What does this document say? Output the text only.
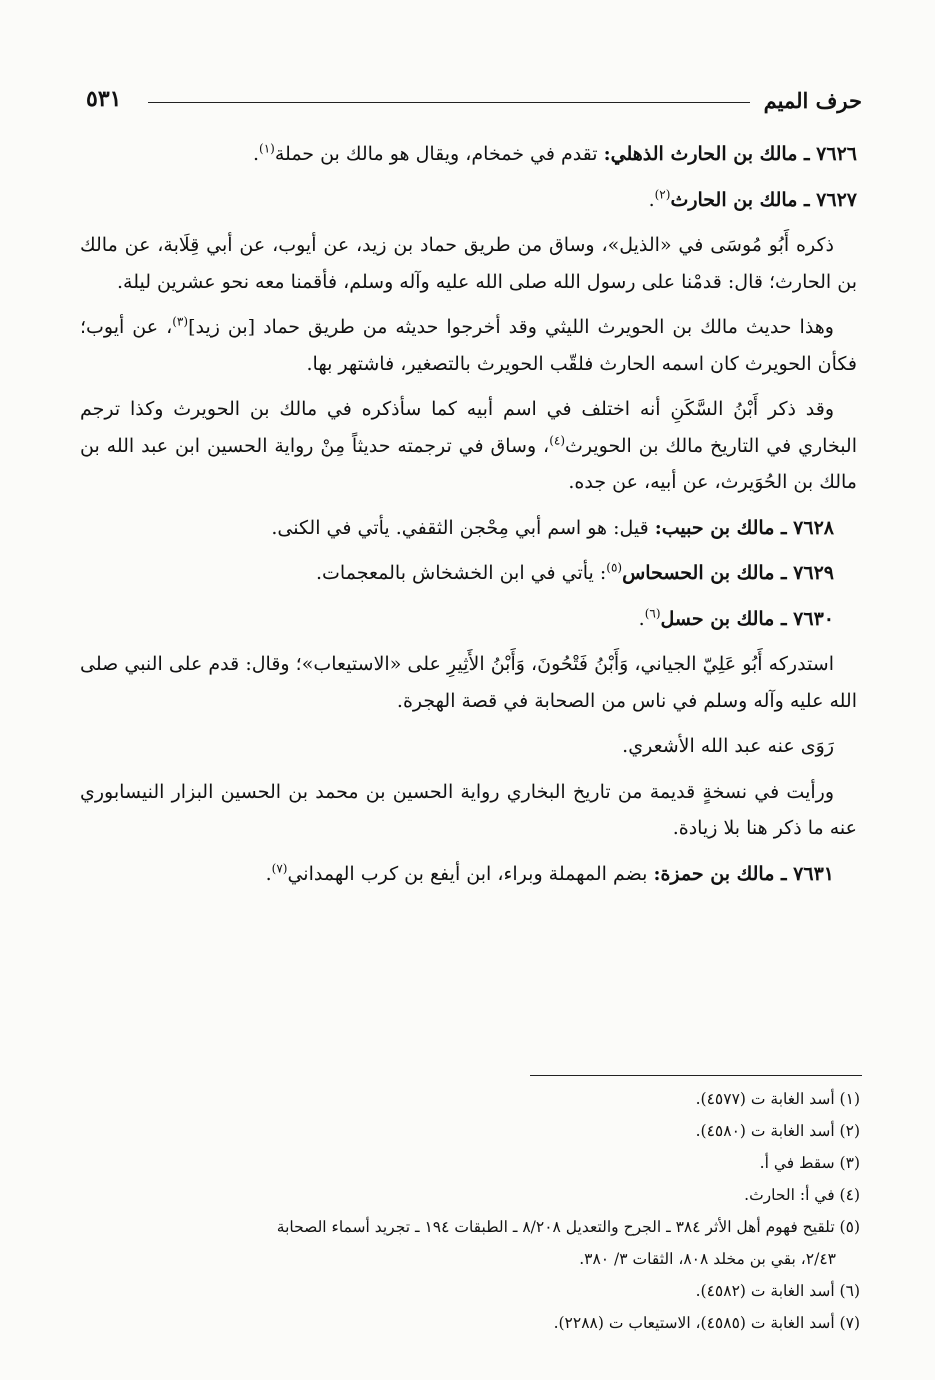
حرف الميم
٥٣١

٧٦٢٦ ـ مالك بن الحارث الذهلي: تقدم في خمخام، ويقال هو مالك بن حملة$^{(١)}$.

٧٦٢٧ ـ مالك بن الحارث$^{(٢)}$.

ذكره أَبُو مُوسَى في «الذيل»، وساق من طريق حماد بن زيد، عن أيوب، عن أبي قِلَابة، عن مالك بن الحارث؛ قال: قدمْنا على رسول الله صلى الله عليه وآله وسلم، فأقمنا معه نحو عشرين ليلة.

وهذا حديث مالك بن الحويرث الليثي وقد أخرجوا حديثه من طريق حماد [بن زيد]$^{(٣)}$، عن أيوب؛ فكأن الحويرث كان اسمه الحارث فلقّب الحويرث بالتصغير، فاشتهر بها.

وقد ذكر أَبْنُ السَّكَنِ أنه اختلف في اسم أبيه كما سأذكره في مالك بن الحويرث وكذا ترجم البخاري في التاريخ مالك بن الحويرث$^{(٤)}$، وساق في ترجمته حديثاً مِنْ رواية الحسين ابن عبد الله بن مالك بن الحُوَيرث، عن أبيه، عن جده.

٧٦٢٨ ـ مالك بن حبيب: قيل: هو اسم أبي مِحْجن الثقفي. يأتي في الكنى.

٧٦٢٩ ـ مالك بن الحسحاس$^{(٥)}$: يأتي في ابن الخشخاش بالمعجمات.

٧٦٣٠ ـ مالك بن حسل$^{(٦)}$.

استدركه أَبُو عَلِيّ الجياني، وَأَبْنُ فَتْحُونَ، وَأَبْنُ الأَثِيرِ على «الاستيعاب»؛ وقال: قدم على النبي صلى الله عليه وآله وسلم في ناس من الصحابة في قصة الهجرة.

رَوَى عنه عبد الله الأشعري.

ورأيت في نسخةٍ قديمة من تاريخ البخاري رواية الحسين بن محمد بن الحسين البزار النيسابوري عنه ما ذكر هنا بلا زيادة.

٧٦٣١ ـ مالك بن حمزة: بضم المهملة وبراء، ابن أيفع بن كرب الهمداني$^{(٧)}$.

(١) أسد الغابة ت (٤٥٧٧).
(٢) أسد الغابة ت (٤٥٨٠).
(٣) سقط في أ.
(٤) في أ: الحارث.
(٥) تلقيح فهوم أهل الأثر ٣٨٤ ـ الجرح والتعديل ٨/٢٠٨ ـ الطبقات ١٩٤ ـ تجريد أسماء الصحابة
٢/٤٣، بقي بن مخلد ٨٠٨، الثقات ٣/ ٣٨٠.
(٦) أسد الغابة ت (٤٥٨٢).
(٧) أسد الغابة ت (٤٥٨٥)، الاستيعاب ت (٢٢٨٨).
